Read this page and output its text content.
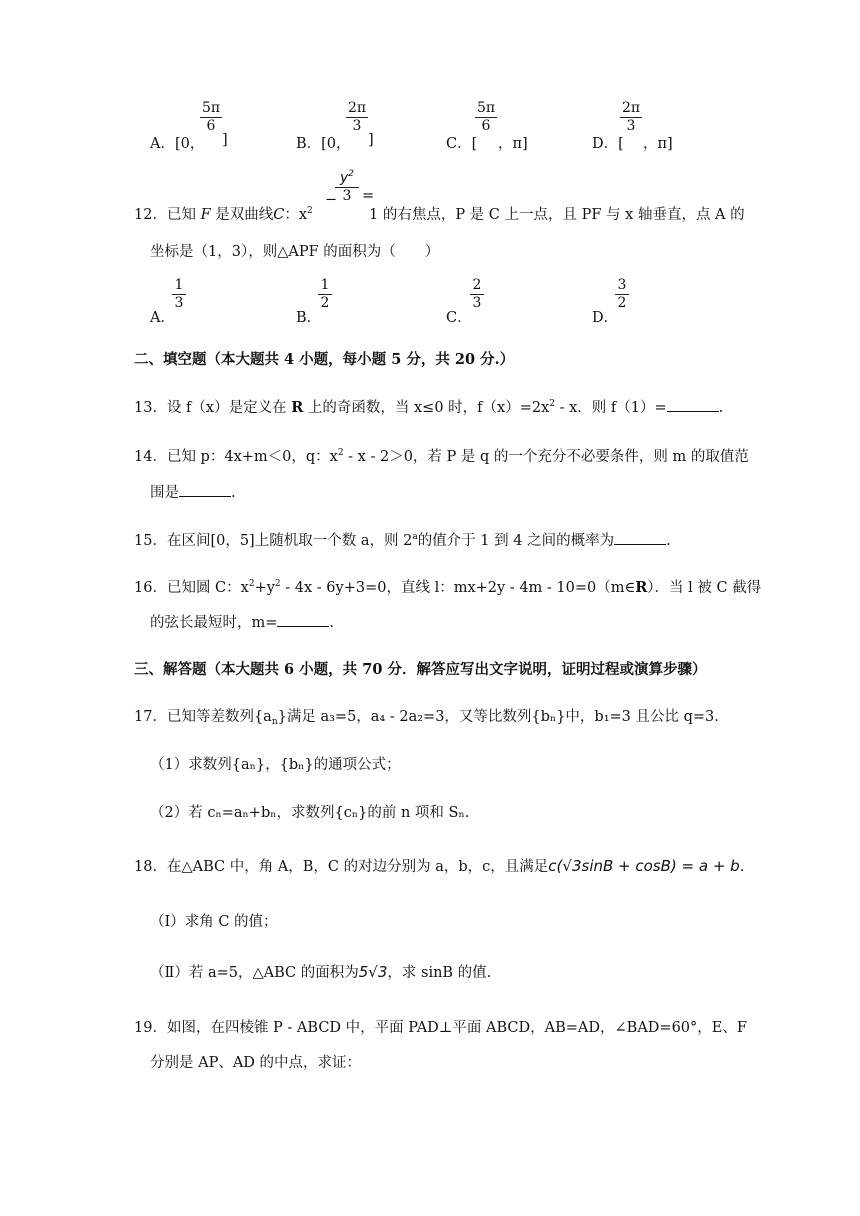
A．[0，
5π
6
]	B．[0，
2π
3
]	C．[
5π
6
，π]	D．[
2π
3
，π]
12．已知 F 是双曲线C：$x^2$
−
$y^2$
3 =
1 的右焦点，P 是 C 上一点，且 PF 与 x 轴垂直，点 A 的
坐标是（1，3），则△APF 的面积为（　　）
A．
1
3
B．
1
2
C．
2
3
D．
3
2
二、填空题（本大题共 4 小题，每小题 5 分，共 20 分.）
13．设 f（x）是定义在 R 上的奇函数，当 x≤0 时，$f(x)=2x^2 - x$．则 f（1）=	.
14．已知 p：4x+m＜0，q：$x^2 - x - 2>0$，若 P 是 q 的一个充分不必要条件，则 m 的取值范
围是	.
15．在区间[0，5]上随机取一个数 a，则 2$^a$的值介于 1 到 4 之间的概率为	.
16．已知圆 C：$x^2+y^2 - 4x - 6y+3=0$，直线 l：mx+2y - 4m - 10=0（m∈R）．当 l 被 C 截得
的弦长最短时，m=	.
三、解答题（本大题共 6 小题，共 70 分．解答应写出文字说明，证明过程或演算步骤）
17．已知等差数列$\{a_n\}$满足 a₃=5，a₄ - 2a₂=3，又等比数列{bₙ}中，b₁=3 且公比 q=3．
（1）求数列{aₙ}，{bₙ}的通项公式；
（2）若 cₙ=aₙ+bₙ，求数列{cₙ}的前 n 项和 Sₙ.
18．在△ABC 中，角 A，B，C 的对边分别为 a，b，c，且满足c(√3sinB + cosB) = a + b.
（Ⅰ）求角 C 的值；
（Ⅱ）若 a=5，△ABC 的面积为5√3，求 sinB 的值.
19．如图，在四棱锥 P - ABCD 中，平面 PAD⊥平面 ABCD，AB=AD，∠BAD=60°，E、F
分别是 AP、AD 的中点，求证：
